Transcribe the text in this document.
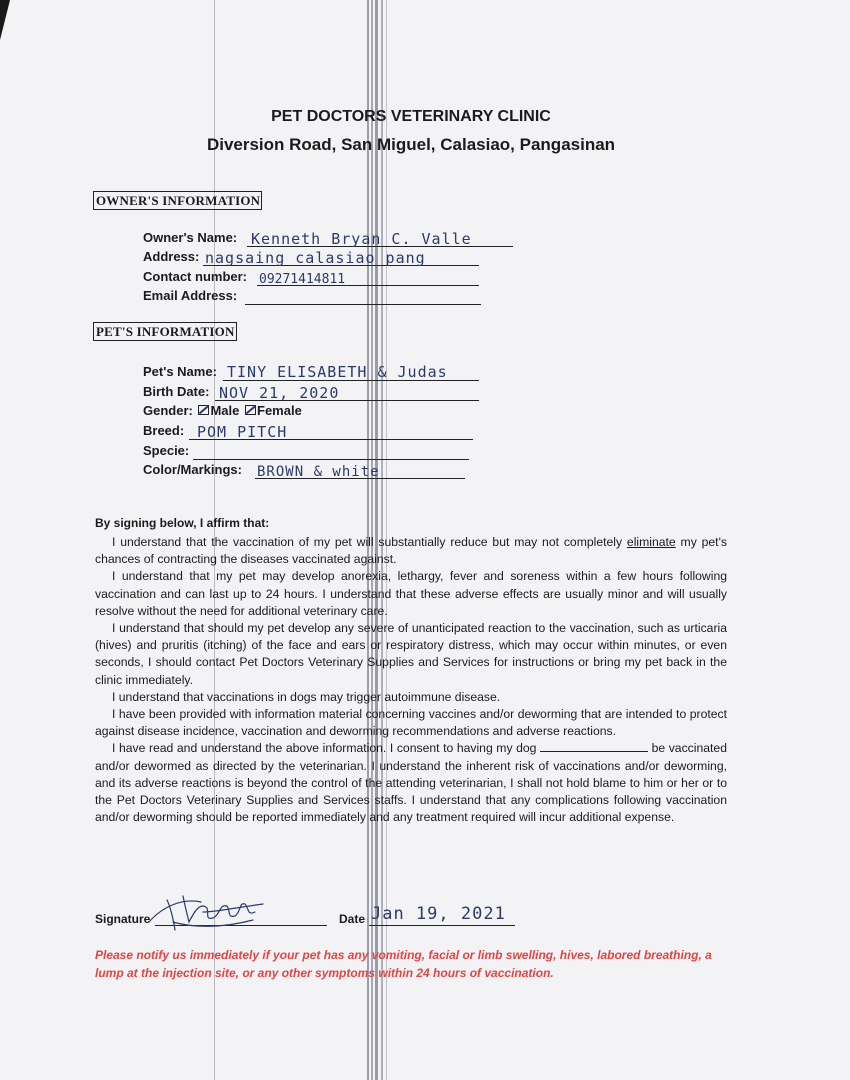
PET DOCTORS VETERINARY CLINIC
Diversion Road, San Miguel, Calasiao, Pangasinan
OWNER'S INFORMATION
Owner's Name: Kenneth Bryan C. Valle
Address: nagsaing calasiao pang
Contact number: 09271414811
Email Address:
PET'S INFORMATION
Pet's Name: TINY ELISABETH & Judas
Birth Date: NOV 21, 2020
Gender: Male Female
Breed: POM PITCH
Specie:
Color/Markings: BROWN & white
By signing below, I affirm that:

I understand that the vaccination of my pet will substantially reduce but may not completely eliminate my pet's chances of contracting the diseases vaccinated against.

I understand that my pet may develop anorexia, lethargy, fever and soreness within a few hours following vaccination and can last up to 24 hours. I understand that these adverse effects are usually minor and will usually resolve without the need for additional veterinary care.

I understand that should my pet develop any severe of unanticipated reaction to the vaccination, such as urticaria (hives) and pruritis (itching) of the face and ears or respiratory distress, which may occur within minutes, or even seconds, I should contact Pet Doctors Veterinary Supplies and Services for instructions or bring my pet back in the clinic immediately.

I understand that vaccinations in dogs may trigger autoimmune disease.

I have been provided with information material concerning vaccines and/or deworming that are intended to protect against disease incidence, vaccination and deworming recommendations and adverse reactions.

I have read and understand the above information. I consent to having my dog	be vaccinated and/or dewormed as directed by the veterinarian. I understand the inherent risk of vaccinations and/or deworming, and its adverse reactions is beyond the control of the attending veterinarian, I shall not hold blame to him or her or to the Pet Doctors Veterinary Supplies and Services staffs. I understand that any complications following vaccination and/or deworming should be reported immediately and any treatment required will incur additional expense.

Signature	Date Jan 19, 2021
Please notify us immediately if your pet has any vomiting, facial or limb swelling, hives, labored breathing, a lump at the injection site, or any other symptoms within 24 hours of vaccination.
